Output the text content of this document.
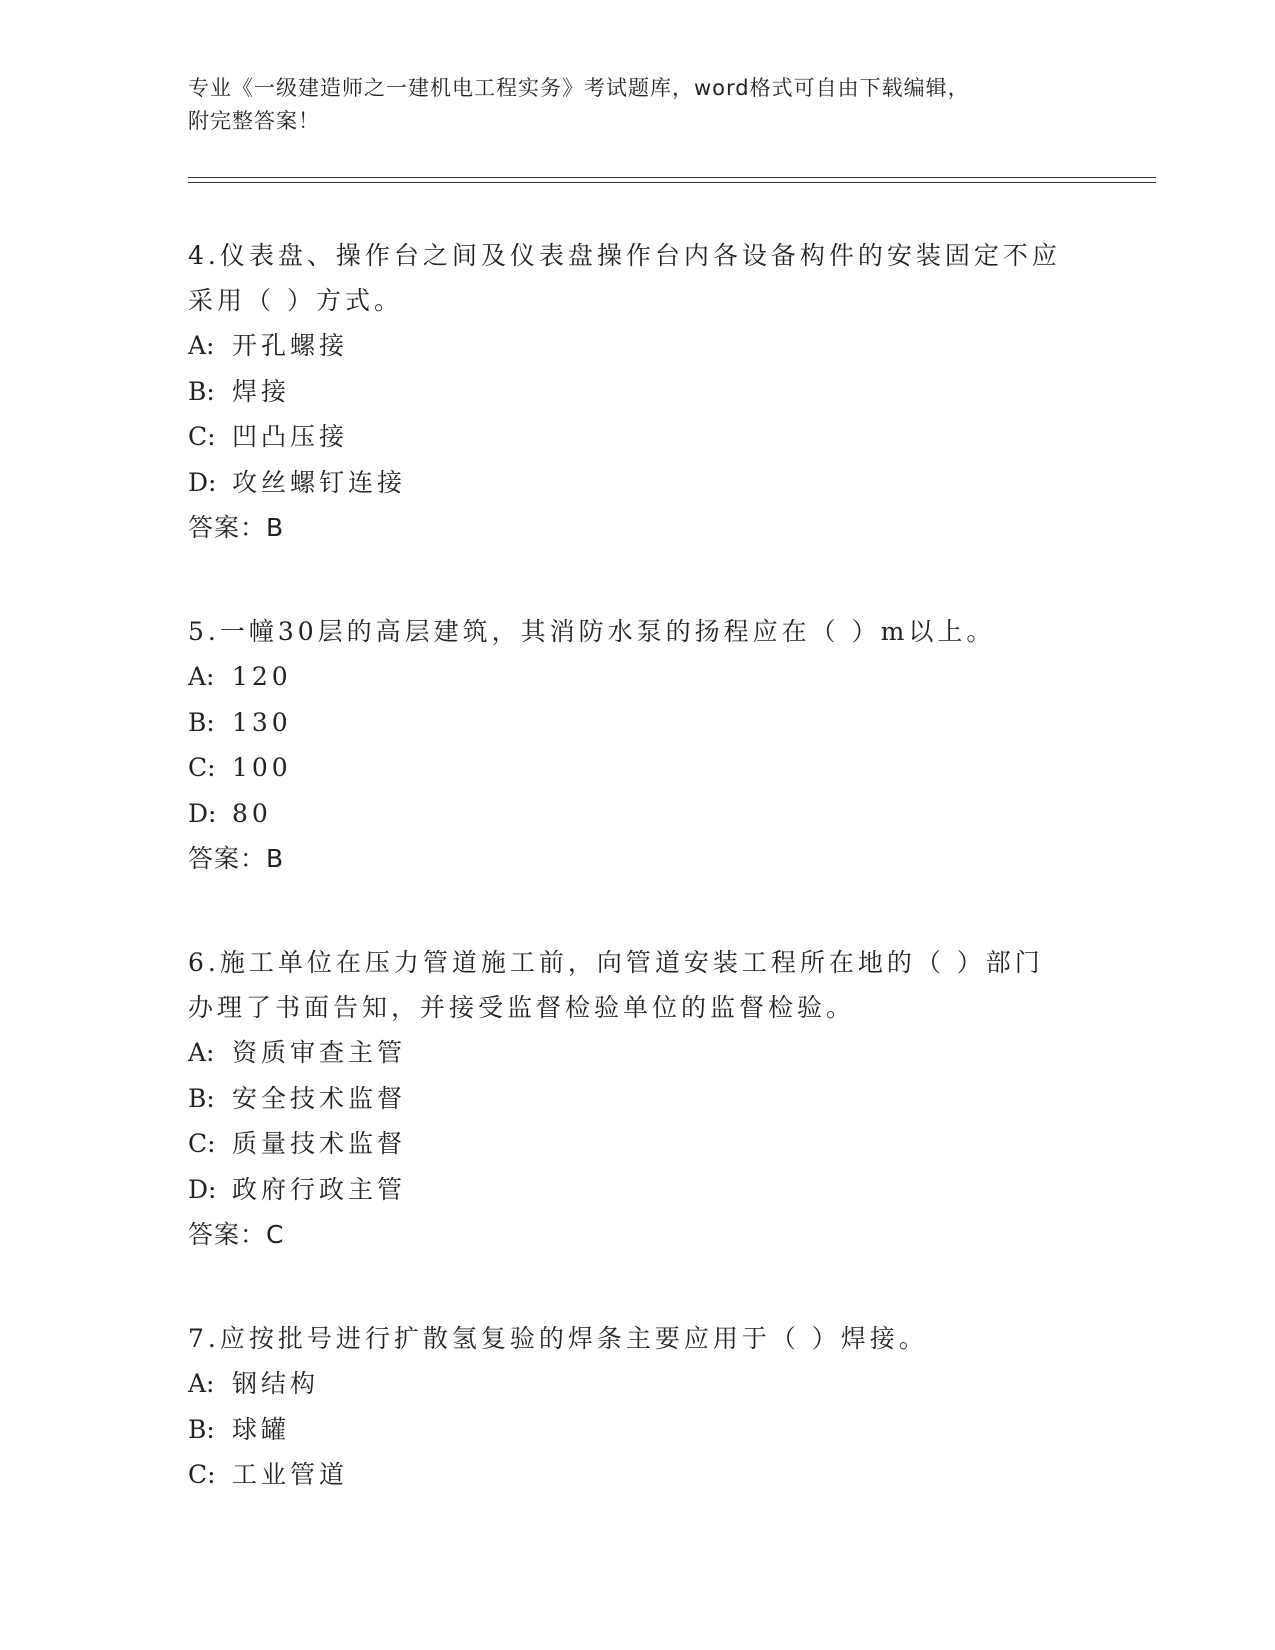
专业《一级建造师之一建机电工程实务》考试题库，word格式可自由下载编辑，
附完整答案！

4.仪表盘、操作台之间及仪表盘操作台内各设备构件的安装固定不应

采用（ ）方式。

A: 开孔螺接

B: 焊接

C: 凹凸压接

D: 攻丝螺钉连接

答案：B

5.一幢30层的高层建筑，其消防水泵的扬程应在（ ）m以上。

A: 120

B: 130

C: 100

D: 80

答案：B

6.施工单位在压力管道施工前，向管道安装工程所在地的（ ）部门

办理了书面告知，并接受监督检验单位的监督检验。

A: 资质审查主管

B: 安全技术监督

C: 质量技术监督

D: 政府行政主管

答案：C

7.应按批号进行扩散氢复验的焊条主要应用于（ ）焊接。

A: 钢结构

B: 球罐

C: 工业管道
